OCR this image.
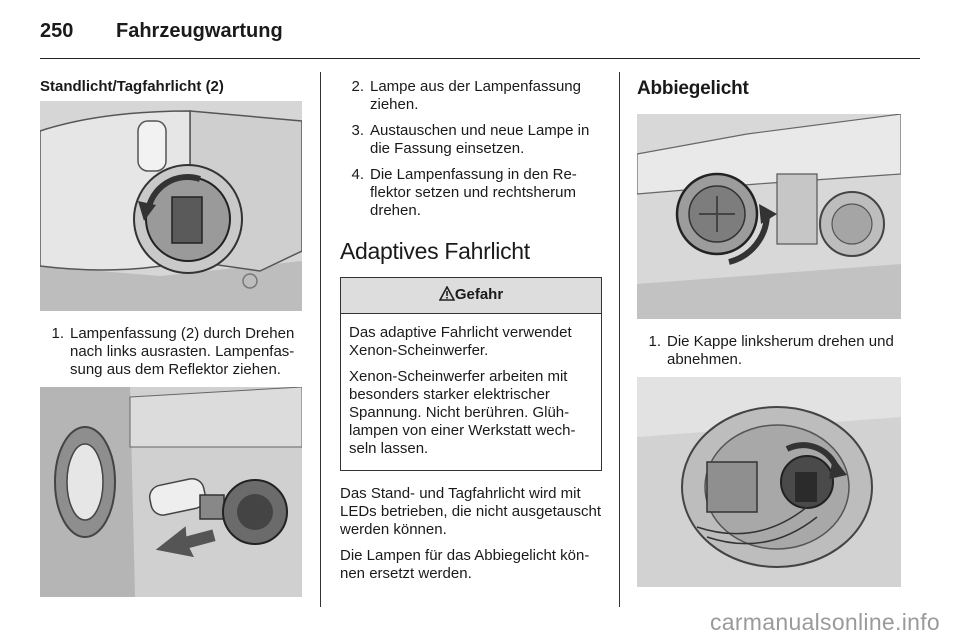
250 Fahrzeugwartung
Standlicht/Tagfahrlicht (2)
1. Lampenfassung (2) durch Drehen nach links ausrasten. Lampenfassung aus dem Reflektor ziehen.
2. Lampe aus der Lampenfassung ziehen.
3. Austauschen und neue Lampe in die Fassung einsetzen.
4. Die Lampenfassung in den Reflektor setzen und rechtsherum drehen.
Adaptives Fahrlicht
Gefahr

Das adaptive Fahrlicht verwendet Xenon-Scheinwerfer.

Xenon-Scheinwerfer arbeiten mit besonders starker elektrischer Spannung. Nicht berühren. Glühlampen von einer Werkstatt wechseln lassen.

Das Stand- und Tagfahrlicht wird mit LEDs betrieben, die nicht ausgetauscht werden können.

Die Lampen für das Abbiegelicht können ersetzt werden.

Abbiegelicht
1. Die Kappe linksherum drehen und abnehmen.
carmanualsonline.info
